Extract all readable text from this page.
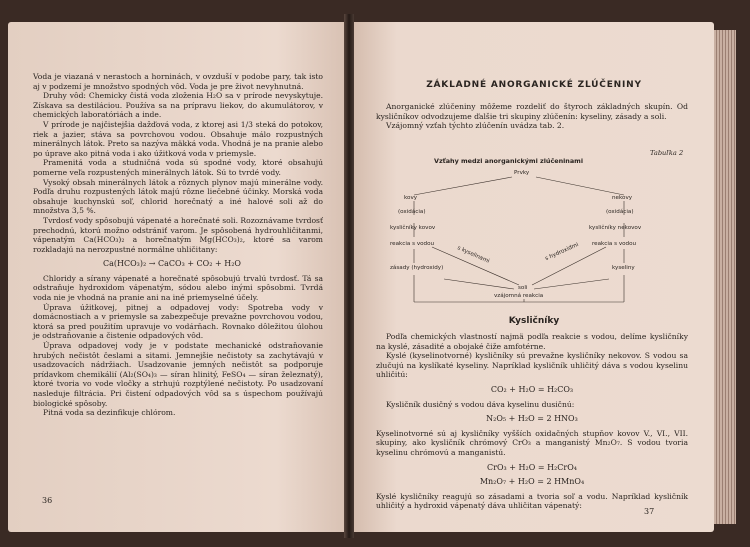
Voda je viazaná v nerastoch a horninách, v ovzduší v podobe pary, tak isto aj v podzemí je množstvo spodných vôd. Voda je pre život nevyhnutná.

Druhy vôd: Chemicky čistá voda zloženia H₂O sa v prírode nevyskytuje. Získava sa destiláciou. Používa sa na prípravu liekov, do akumulátorov, v chemických laboratóriách a inde.

V prírode je najčistejšia dažďová voda, z ktorej asi 1/3 steká do potokov, riek a jazier, stáva sa povrchovou vodou. Obsahuje málo rozpustných minerálnych látok. Preto sa nazýva mäkká voda. Vhodná je na pranie alebo po úprave ako pitná voda i ako úžitková voda v priemysle.

Pramenitá voda a studničná voda sú spodné vody, ktoré obsahujú pomerne veľa rozpustených minerálnych látok. Sú to tvrdé vody.

Vysoký obsah minerálnych látok a rôznych plynov majú minerálne vody. Podľa druhu rozpustených látok majú rôzne liečebné účinky. Morská voda obsahuje kuchynskú soľ, chlorid horečnatý a iné halové soli až do množstva 3,5 %.

Tvrdosť vody spôsobujú vápenaté a horečnaté soli. Rozoznávame tvrdosť prechodnú, ktorú možno odstrániť varom. Je spôsobená hydrouhličitanmi, vápenatým Ca(HCO₃)₂ a horečnatým Mg(HCO₃)₂, ktoré sa varom rozkladajú na nerozpustné normálne uhličitany:

Ca(HCO₃)₂ → CaCO₃ + CO₂ + H₂O

Chloridy a sírany vápenaté a horečnaté spôsobujú trvalú tvrdosť. Tá sa odstraňuje hydroxidom vápenatým, sódou alebo inými spôsobmi. Tvrdá voda nie je vhodná na pranie ani na iné priemyselné účely.

Úprava úžitkovej, pitnej a odpadovej vody: Spotreba vody v domácnostiach a v priemysle sa zabezpečuje prevažne povrchovou vodou, ktorá sa pred použitím upravuje vo vodárňach. Rovnako dôležitou úlohou je odstraňovanie a čistenie odpadových vôd.

Úprava odpadovej vody je v podstate mechanické odstraňovanie hrubých nečistôt česlami a sitami. Jemnejšie nečistoty sa zachytávajú v usadzovacích nádržiach. Usadzovanie jemných nečistôt sa podporuje prídavkom chemikálií (Al₂(SO₄)₃ — síran hlinitý, FeSO₄ — síran železnatý), ktoré tvoria vo vode vločky a strhujú rozptýlené nečistoty. Po usadzovaní nasleduje filtrácia. Pri čistení odpadových vôd sa s úspechom používajú biologické spôsoby.

Pitná voda sa dezinfikuje chlórom.

36
ZÁKLADNÉ ANORGANICKÉ ZLÚČENINY

Anorganické zlúčeniny môžeme rozdeliť do štyroch základných skupín. Od kysličníkov odvodzujeme ďalšie tri skupiny zlúčenín: kyseliny, zásady a soli.

Vzájomný vzťah týchto zlúčenín uvádza tab. 2.

Tabuľka 2
Vzťahy medzi anorganickými zlúčeninami
Prvky
kovy	nekovy
(oxidácia)	(oxidácia)
kysličníky kovov	kysličníky nekovov
reakcia s vodou	reakcia s vodou
zásady (hydroxidy)	kyseliny
soli
vzájomná reakcia
s kyselinami	s hydroxidmi
Kysličníky

Podľa chemických vlastností najmä podľa reakcie s vodou, delíme kysličníky na kyslé, zásadité a obojaké čiže amfotérne.

Kyslé (kyselinotvorné) kysličníky sú prevažne kysličníky nekovov. S vodou sa zlučujú na kyslíkaté kyseliny. Napríklad kysličník uhličitý dáva s vodou kyselinu uhličitú:

CO₂ + H₂O = H₂CO₃

Kysličník dusičný s vodou dáva kyselinu dusičnú:

N₂O₅ + H₂O = 2 HNO₃

Kyselinotvorné sú aj kysličníky vyšších oxidačných stupňov kovov V., VI., VII. skupiny, ako kysličník chrómový CrO₃ a manganistý Mn₂O₇. S vodou tvoria kyselinu chrómovú a manganistú.

CrO₃ + H₂O = H₂CrO₄
Mn₂O₇ + H₂O = 2 HMnO₄

Kyslé kysličníky reagujú so zásadami a tvoria soľ a vodu. Napríklad kysličník uhličitý a hydroxid vápenatý dáva uhličitan vápenatý:

37
